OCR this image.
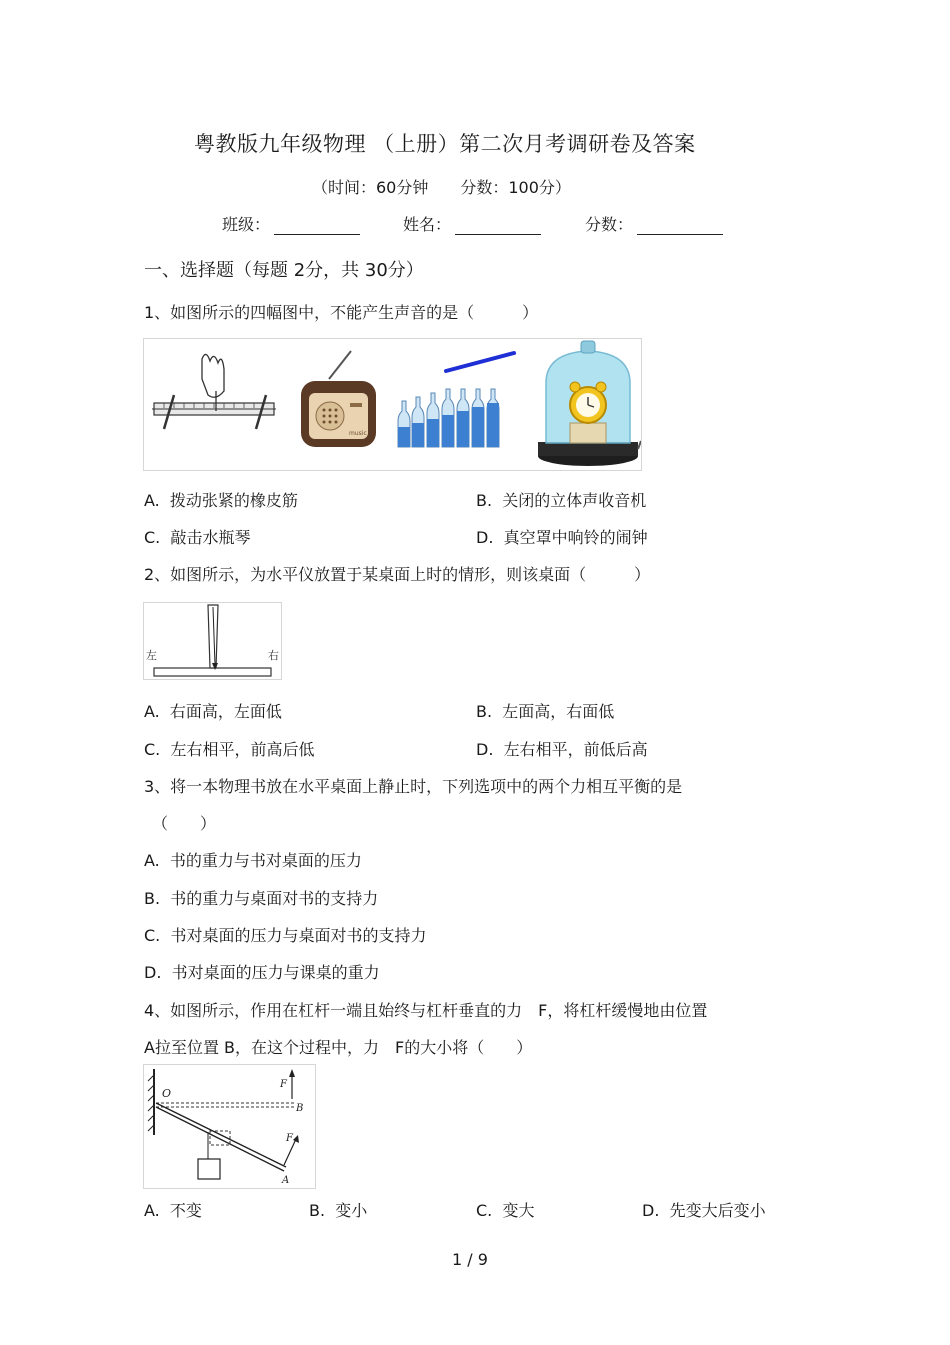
粤教版九年级物理 （上册）第二次月考调研卷及答案
（时间：60分钟　　分数：100分）
班级：	姓名：	分数：
一、选择题（每题 2分，共 30分）
1、如图所示的四幅图中，不能产生声音的是（　　　）
music
A. 拨动张紧的橡皮筋	B. 关闭的立体声收音机
C. 敲击水瓶琴	D. 真空罩中响铃的闹钟
2、如图所示，为水平仪放置于某桌面上时的情形，则该桌面（　　　）
左	右
A. 右面高，左面低	B. 左面高，右面低
C. 左右相平，前高后低	D. 左右相平，前低后高
3、将一本物理书放在水平桌面上静止时，下列选项中的两个力相互平衡的是
（　　）
A. 书的重力与书对桌面的压力
B. 书的重力与桌面对书的支持力
C. 书对桌面的压力与桌面对书的支持力
D. 书对桌面的压力与课桌的重力
4、如图所示，作用在杠杆一端且始终与杠杆垂直的力　F，将杠杆缓慢地由位置
A拉至位置 B，在这个过程中，力　F的大小将（　　）
O
B
A
F
F
A. 不变	B. 变小	C. 变大	D. 先变大后变小
1 / 9
